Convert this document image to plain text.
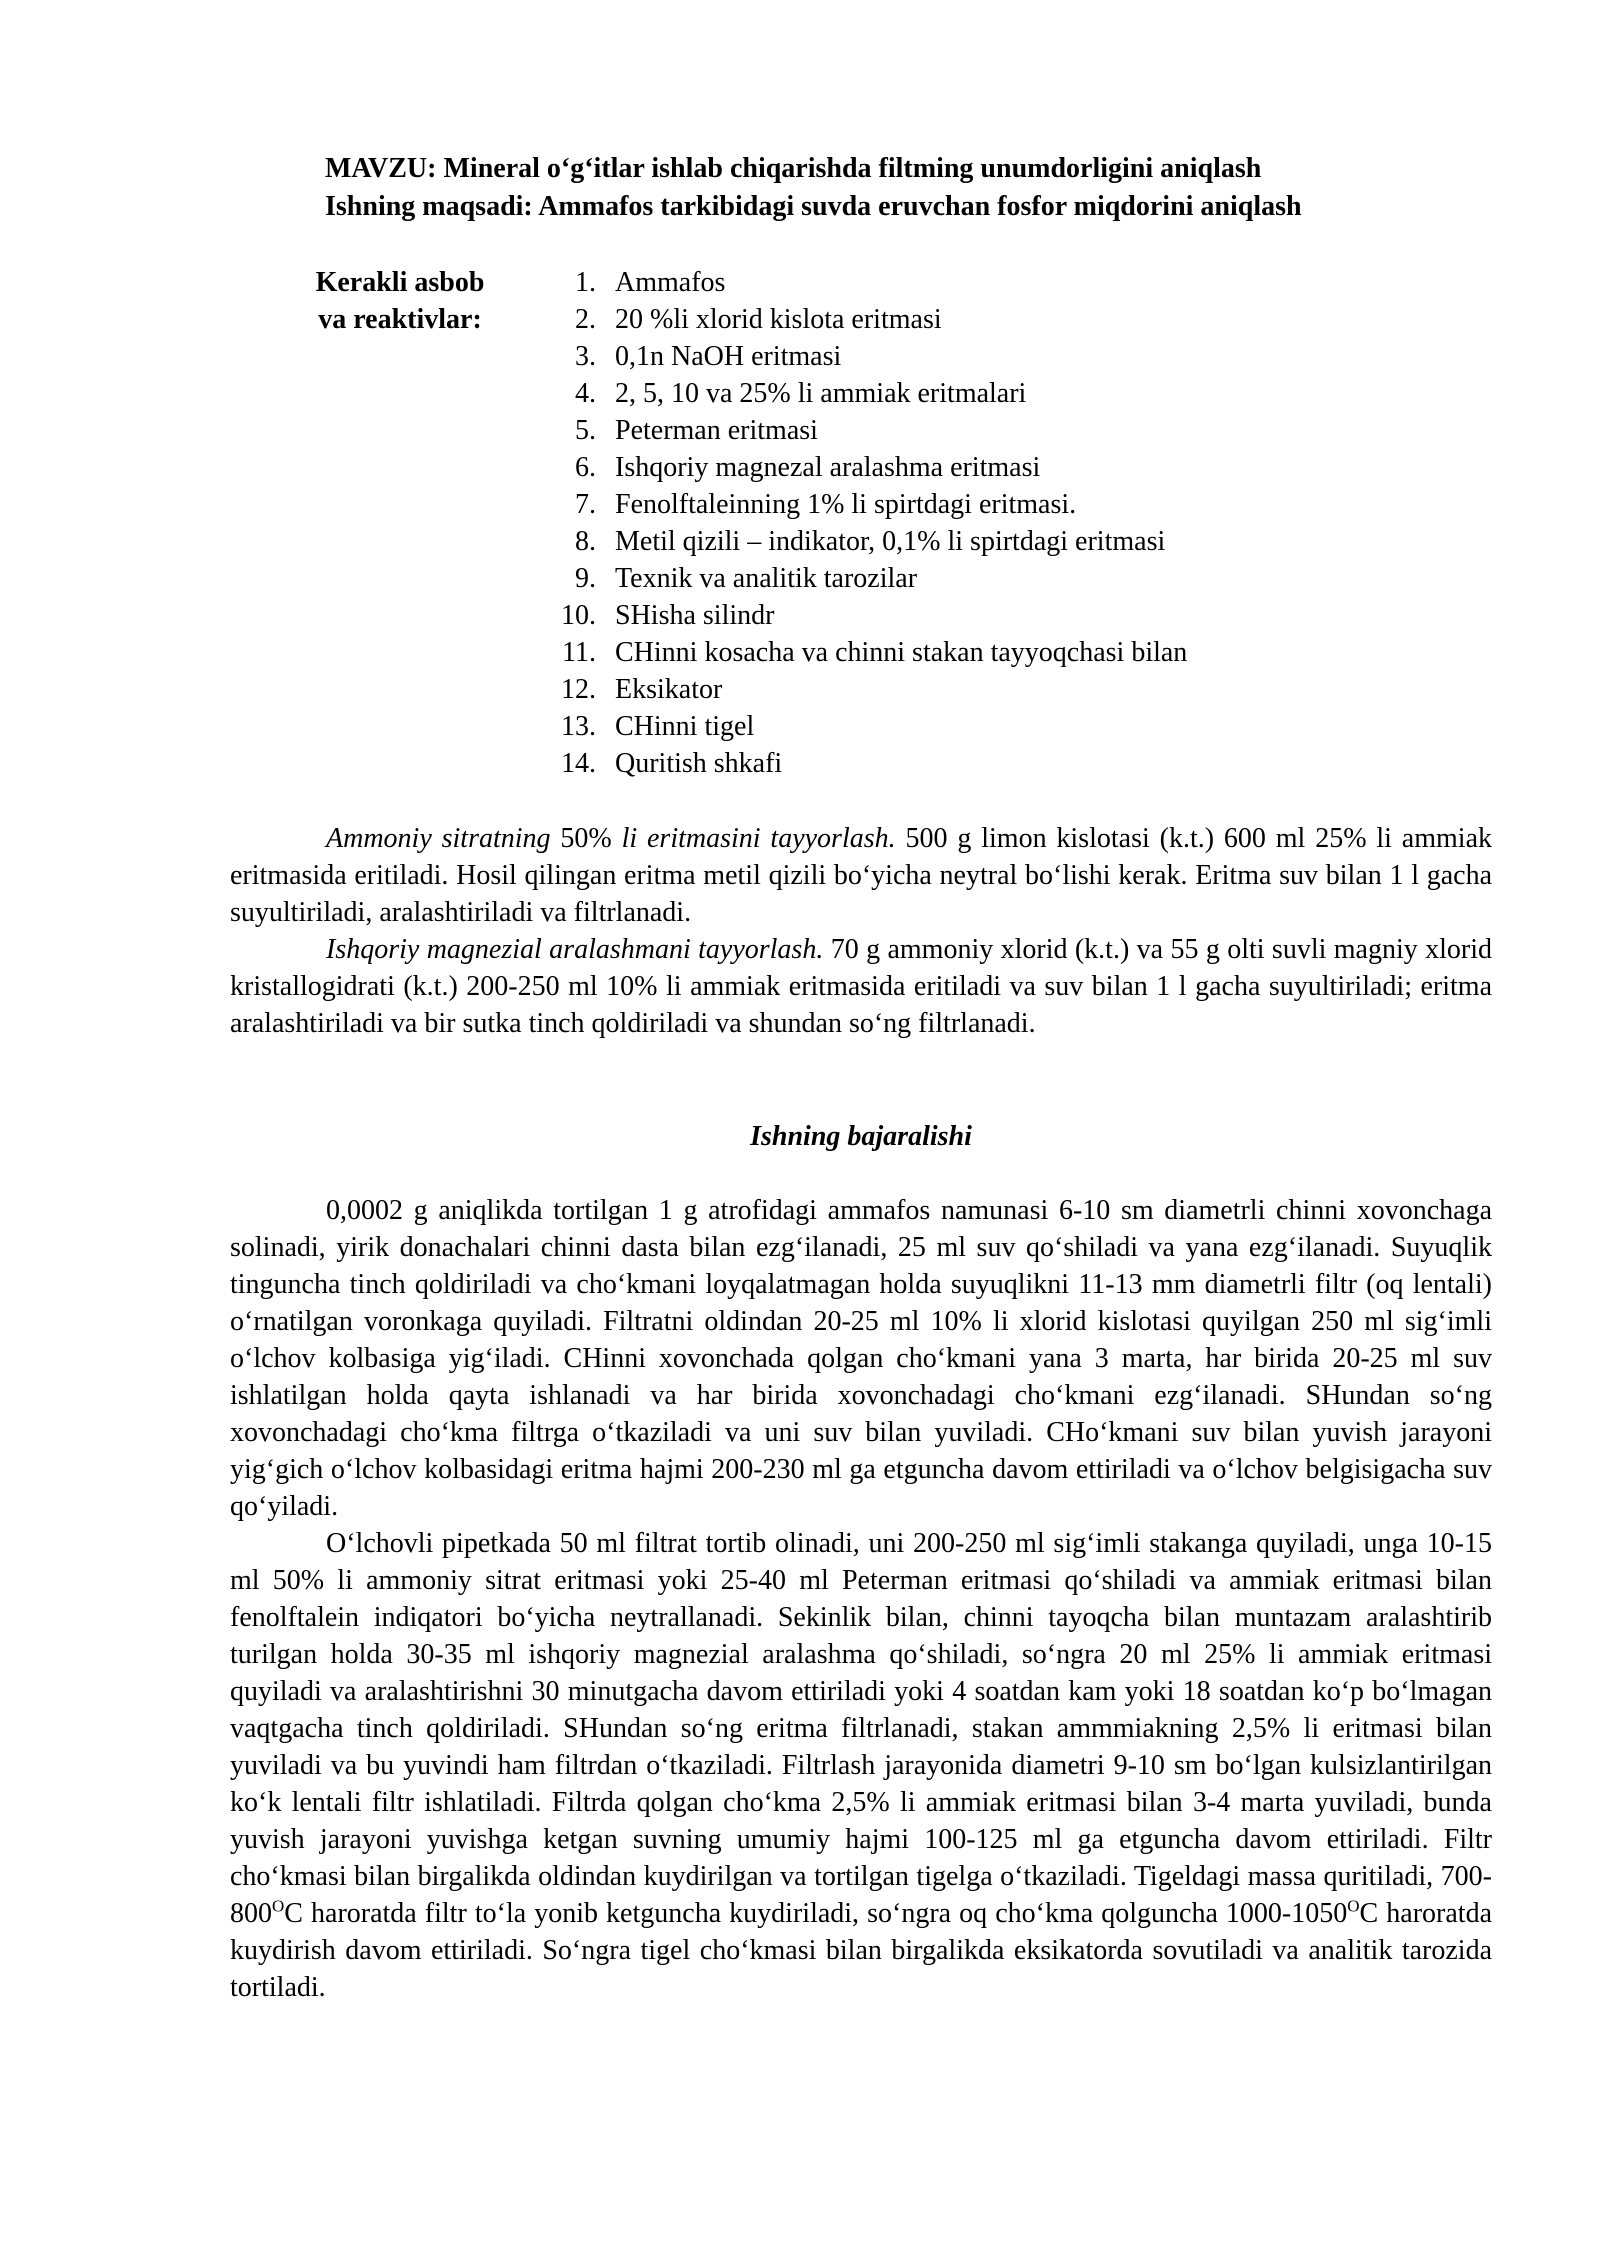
MAVZU: Mineral o‘g‘itlar ishlab chiqarishda filtming unumdorligini aniqlash
Ishning maqsadi: Ammafos tarkibidagi suvda eruvchan fosfor miqdorini aniqlash
Kerakli asbob
va reaktivlar:
1. Ammafos
2. 20 %li xlorid kislota eritmasi
3. 0,1n NaOH eritmasi
4. 2, 5, 10 va 25% li ammiak eritmalari
5. Peterman eritmasi
6. Ishqoriy magnezal aralashma eritmasi
7. Fenolftaleinning 1% li spirtdagi eritmasi.
8. Metil qizili – indikator, 0,1% li spirtdagi eritmasi
9. Texnik va analitik tarozilar
10. SHisha silindr
11. CHinni kosacha va chinni stakan tayyoqchasi bilan
12. Eksikator
13. CHinni tigel
14. Quritish shkafi

Ammoniy sitratning 50% li eritmasini tayyorlash. 500 g limon kislotasi (k.t.) 600 ml 25% li ammiak eritmasida eritiladi. Hosil qilingan eritma metil qizili bo‘yicha neytral bo‘lishi kerak. Eritma suv bilan 1 l gacha suyultiriladi, aralashtiriladi va filtrlanadi.

Ishqoriy magnezial aralashmani tayyorlash. 70 g ammoniy xlorid (k.t.) va 55 g olti suvli magniy xlorid kristallogidrati (k.t.) 200-250 ml 10% li ammiak eritmasida eritiladi va suv bilan 1 l gacha suyultiriladi; eritma aralashtiriladi va bir sutka tinch qoldiriladi va shundan so‘ng filtrlanadi.

Ishning bajaralishi

0,0002 g aniqlikda tortilgan 1 g atrofidagi ammafos namunasi 6-10 sm diametrli chinni xovonchaga solinadi, yirik donachalari chinni dasta bilan ezg‘ilanadi, 25 ml suv qo‘shiladi va yana ezg‘ilanadi. Suyuqlik tinguncha tinch qoldiriladi va cho‘kmani loyqalatmagan holda suyuqlikni 11-13 mm diametrli filtr (oq lentali) o‘rnatilgan voronkaga quyiladi. Filtratni oldindan 20-25 ml 10% li xlorid kislotasi quyilgan 250 ml sig‘imli o‘lchov kolbasiga yig‘iladi. CHinni xovonchada qolgan cho‘kmani yana 3 marta, har birida 20-25 ml suv ishlatilgan holda qayta ishlanadi va har birida xovonchadagi cho‘kmani ezg‘ilanadi. SHundan so‘ng xovonchadagi cho‘kma filtrga o‘tkaziladi va uni suv bilan yuviladi. CHo‘kmani suv bilan yuvish jarayoni yig‘gich o‘lchov kolbasidagi eritma hajmi 200-230 ml ga etguncha davom ettiriladi va o‘lchov belgisigacha suv qo‘yiladi.

O‘lchovli pipetkada 50 ml filtrat tortib olinadi, uni 200-250 ml sig‘imli stakanga quyiladi, unga 10-15 ml 50% li ammoniy sitrat eritmasi yoki 25-40 ml Peterman eritmasi qo‘shiladi va ammiak eritmasi bilan fenolftalein indiqatori bo‘yicha neytrallanadi. Sekinlik bilan, chinni tayoqcha bilan muntazam aralashtirib turilgan holda 30-35 ml ishqoriy magnezial aralashma qo‘shiladi, so‘ngra 20 ml 25% li ammiak eritmasi quyiladi va aralashtirishni 30 minutgacha davom ettiriladi yoki 4 soatdan kam yoki 18 soatdan ko‘p bo‘lmagan vaqtgacha tinch qoldiriladi. SHundan so‘ng eritma filtrlanadi, stakan ammmiakning 2,5% li eritmasi bilan yuviladi va bu yuvindi ham filtrdan o‘tkaziladi. Filtrlash jarayonida diametri 9-10 sm bo‘lgan kulsizlantirilgan ko‘k lentali filtr ishlatiladi. Filtrda qolgan cho‘kma 2,5% li ammiak eritmasi bilan 3-4 marta yuviladi, bunda yuvish jarayoni yuvishga ketgan suvning umumiy hajmi 100-125 ml ga etguncha davom ettiriladi. Filtr cho‘kmasi bilan birgalikda oldindan kuydirilgan va tortilgan tigelga o‘tkaziladi. Tigeldagi massa quritiladi, $700-800^OC$ haroratda filtr to‘la yonib ketguncha kuydiriladi, so‘ngra oq cho‘kma qolguncha $1000-1050^OC$ haroratda kuydirish davom ettiriladi. So‘ngra tigel cho‘kmasi bilan birgalikda eksikatorda sovutiladi va analitik tarozida tortiladi.
